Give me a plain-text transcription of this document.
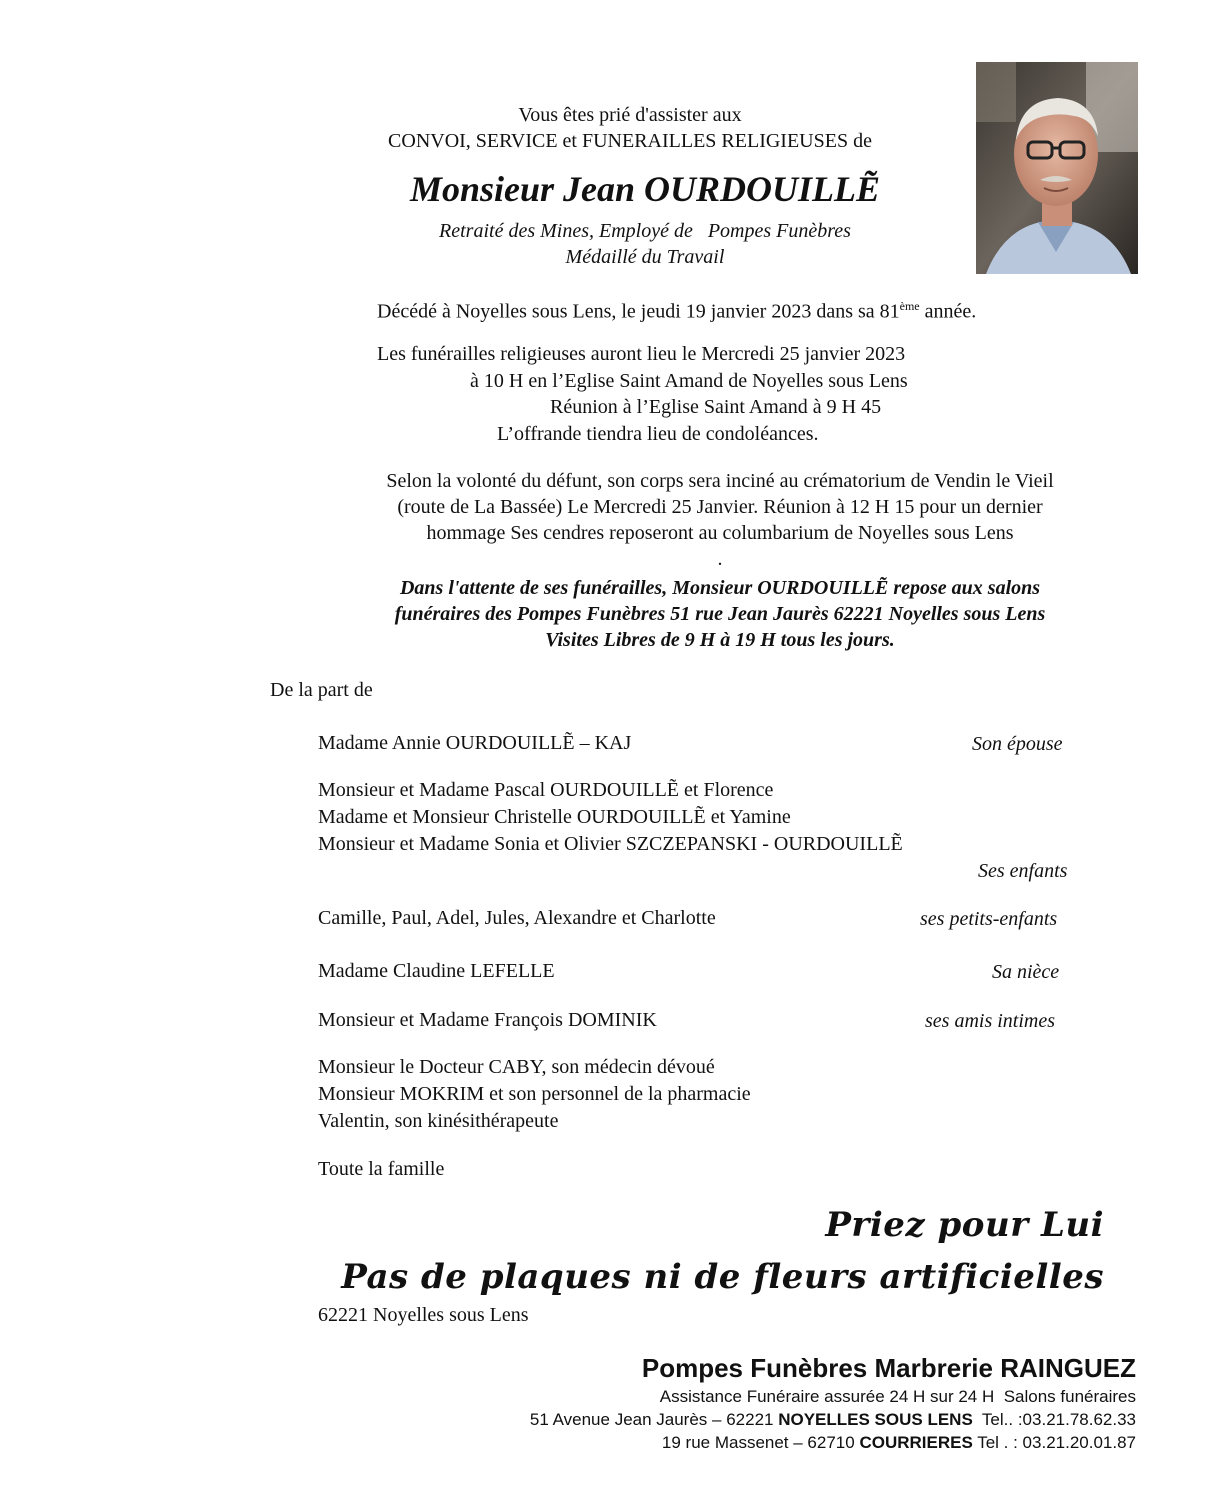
Vous êtes prié d'assister aux
CONVOI, SERVICE et FUNERAILLES RELIGIEUSES de
Monsieur Jean OURDOUILLẼ
Retraité des Mines, Employé de   Pompes Funèbres
Médaillé du Travail
Décédé à Noyelles sous Lens, le jeudi 19 janvier 2023 dans sa 81ème année.
Les funérailles religieuses auront lieu le Mercredi 25 janvier 2023
à 10 H en l’Eglise Saint Amand de Noyelles sous Lens
Réunion à l’Eglise Saint Amand à 9 H 45
L’offrande tiendra lieu de condoléances.
Selon la volonté du défunt, son corps sera inciné au crématorium de Vendin le Vieil
(route de La Bassée) Le Mercredi 25 Janvier. Réunion à 12 H 15 pour un dernier
hommage Ses cendres reposeront au columbarium de Noyelles sous Lens
.
Dans l'attente de ses funérailles, Monsieur OURDOUILLẼ repose aux salons
funéraires des Pompes Funèbres 51 rue Jean Jaurès 62221 Noyelles sous Lens
Visites Libres de 9 H à 19 H tous les jours.
De la part de
Madame Annie OURDOUILLẼ – KAJ	Son épouse
Monsieur et Madame Pascal OURDOUILLẼ et Florence
Madame et Monsieur Christelle OURDOUILLẼ et Yamine
Monsieur et Madame Sonia et Olivier SZCZEPANSKI - OURDOUILLẼ
Ses enfants
Camille, Paul, Adel, Jules, Alexandre et Charlotte	ses petits-enfants
Madame Claudine LEFELLE	Sa nièce
Monsieur et Madame François DOMINIK	ses amis intimes
Monsieur le Docteur CABY, son médecin dévoué
Monsieur MOKRIM et son personnel de la pharmacie
Valentin, son kinésithérapeute
Toute la famille
Priez pour Lui
Pas de plaques ni de fleurs artificielles
62221 Noyelles sous Lens
Pompes Funèbres Marbrerie RAINGUEZ
Assistance Funéraire assurée 24 H sur 24 H  Salons funéraires
51 Avenue Jean Jaurès – 62221 NOYELLES SOUS LENS  Tel.. :03.21.78.62.33
19 rue Massenet – 62710 COURRIERES Tel . : 03.21.20.01.87
